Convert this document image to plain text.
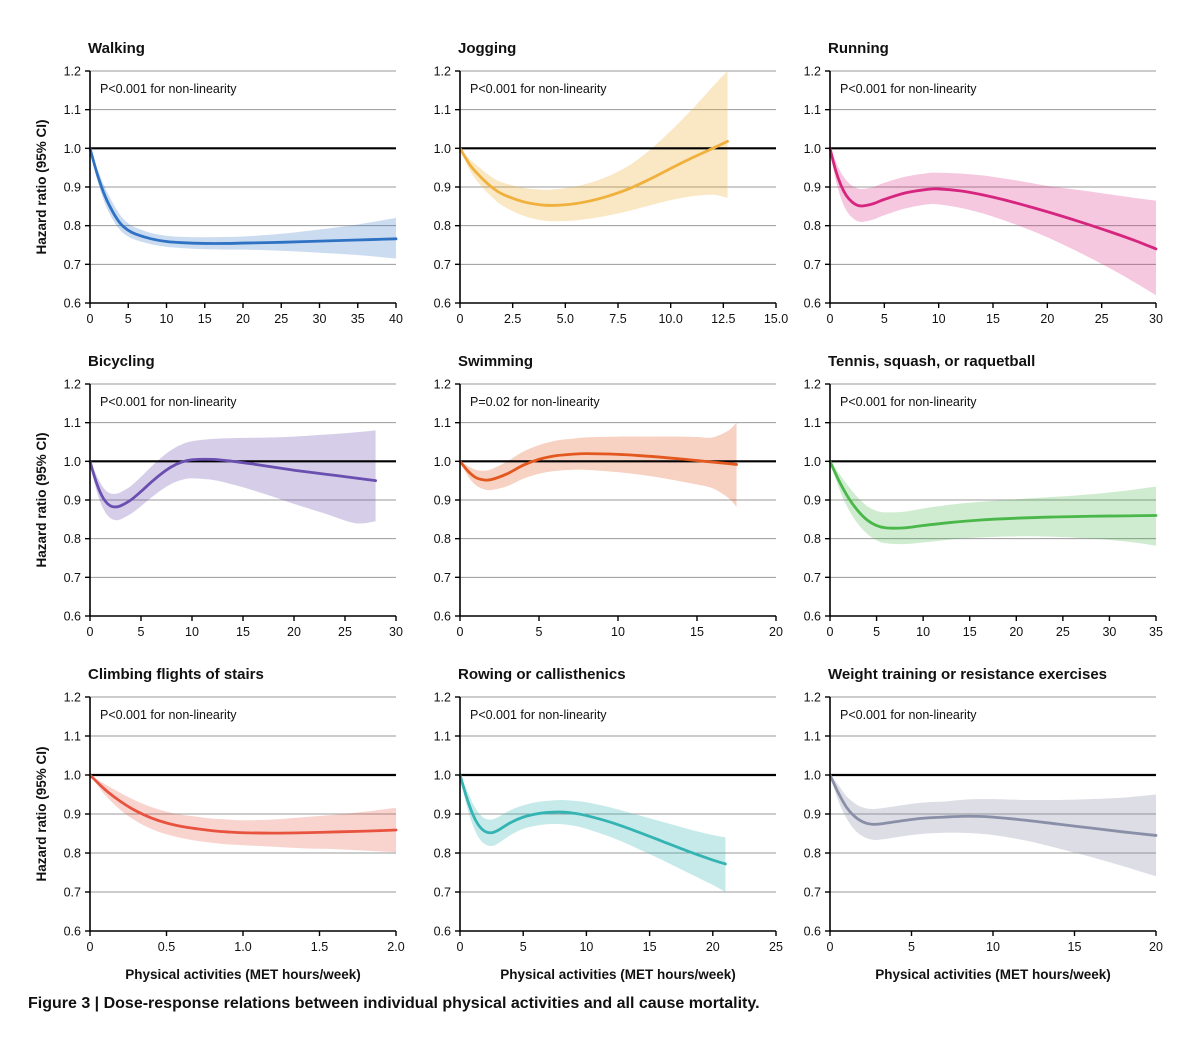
Walking
0.6
0.7
0.8
0.9
1.0
1.1
1.2
0	5 10 15 20 25 30 35 40
P<0.001 for non-linearity
Hazard ratio (95% CI)
Jogging
0.6
0.7
0.8
0.9
1.0
1.1
1.2
0	2.5	5.0	7.5	10.0 12.5 15.0
P<0.001 for non-linearity
Running
0.6
0.7
0.8
0.9
1.0
1.1
1.2
0	5	10	15	20	25	30
P<0.001 for non-linearity
Bicycling
0.6
0.7
0.8
0.9
1.0
1.1
1.2
0	5	10	15	20	25	30
P<0.001 for non-linearity
Hazard ratio (95% CI)
Swimming
0.6
0.7
0.8
0.9
1.0
1.1
1.2
0	5	10	15	20
P=0.02 for non-linearity
Tennis, squash, or raquetball
0.6
0.7
0.8
0.9
1.0
1.1
1.2
0	5	10	15	20	25	30	35
P<0.001 for non-linearity
Climbing flights of stairs
0.6
0.7
0.8
0.9
1.0
1.1
1.2
0	0.5	1.0	1.5	2.0
P<0.001 for non-linearity
Hazard ratio (95% CI)
Physical activities (MET hours/week)
Rowing or callisthenics
0.6
0.7
0.8
0.9
1.0
1.1
1.2
0	5	10	15	20	25
P<0.001 for non-linearity
Physical activities (MET hours/week)
Weight training or resistance exercises
0.6
0.7
0.8
0.9
1.0
1.1
1.2
0	5	10	15	20
P<0.001 for non-linearity
Physical activities (MET hours/week)
Figure 3 | Dose-response relations between individual physical activities and all cause mortality.
